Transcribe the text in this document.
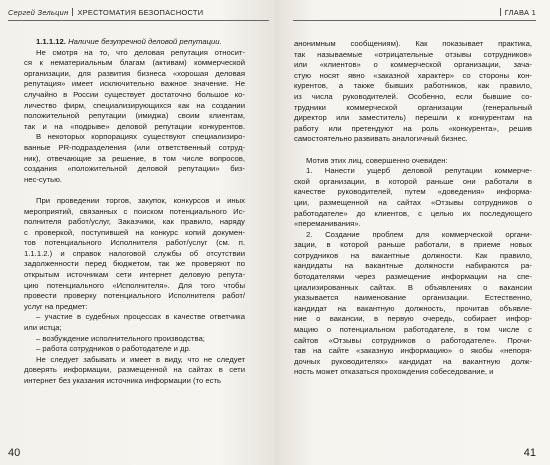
Сергей Зельцин ХРЕСТОМАТИЯ БЕЗОПАСНОСТИ
1.1.1.12. Наличие безупречной деловой репутации.
Не смотря на то, что деловая репутация относит-
ся к нематериальным благам (активам) коммерческой
организации, для развития бизнеса «хорошая деловая
репутация» имеет исключительно важное значение. Не
случайно в России существует достаточно большое ко-
личество фирм, специализирующихся как на создании
положительной репутации (имиджа) своим клиентам,
так и на «подрыве» деловой репутации конкурентов.
В некоторых корпорациях существуют специализиро-
ванные PR-подразделения (или ответственный сотруд-
ник), отвечающие за решение, в том числе вопросов,
создания «положительной деловой репутации» биз-
нес-сутью.
При проведении торгов, закупок, конкурсов и иных
мероприятий, связанных с поиском потенциального Ис-
полнителя работ/услуг, Заказчики, как правило, наряду
с проверкой, поступившей на конкурс копий докумен-
тов потенциального Исполнителя работ/услуг (см. п.
1.1.1.2.) и справок налоговой службы об отсутствии
задолженности перед бюджетом, так же проверяют по
открытым источникам сети интернет деловую репута-
цию потенциального «Исполнителя». Для того чтобы
провести проверку потенциального Исполнителя работ/
услуг на предмет:
– участие в судебных процессах в качестве ответчика
или истца;
– возбуждение исполнительного производства;
– работа сотрудников о работодателе и др.
Не следует забывать и имеет в виду, что не следует
доверять информации, размещенной на сайтах в сети
интернет без указания источника информации (то есть
40
ГЛАВА 1
анонимным сообщениям). Как показывает практика,
так называемые «отрицательные отзывы сотрудников»
или «клиентов» о коммерческой организации, зача-
стую носят явно «заказной характер» со стороны кон-
курентов, а также бывших работников, как правило,
из числа руководителей. Особенно, если бывшие со-
трудники коммерческой организации (генеральный
директор или заместитель) перешли к конкурентам на
работу или претендуют на роль «конкурента», решив
самостоятельно развивать аналогичный бизнес.
Мотив этих лиц, совершенно очевиден:
1. Нанести ущерб деловой репутации коммерче-
ской организации, в которой раньше они работали в
качестве руководителей, путем «доведения» информа-
ции, размещенной на сайтах «Отзывы сотрудников о
работодателе» до клиентов, с целью их последующего
«переманивания».
2. Создание проблем для коммерческой органи-
зации, в которой раньше работали, в приеме новых
сотрудников на вакантные должности. Как правило,
кандидаты на вакантные должности набираются ра-
ботодателями через размещение информации на спе-
циализированных сайтах. В объявлениях о вакансии
указывается наименование организации. Естественно,
кандидат на вакантную должность, прочитав объявле-
ние о вакансии, в первую очередь, собирает инфор-
мацию о потенциальном работодателе, в том числе с
сайтов «Отзывы сотрудников о работодателе». Прочи-
тав на сайте «заказную информацию» о якобы «непоря-
дочных руководителях» кандидат на вакантную долж-
ность может отказаться прохождения собеседование, и
41
